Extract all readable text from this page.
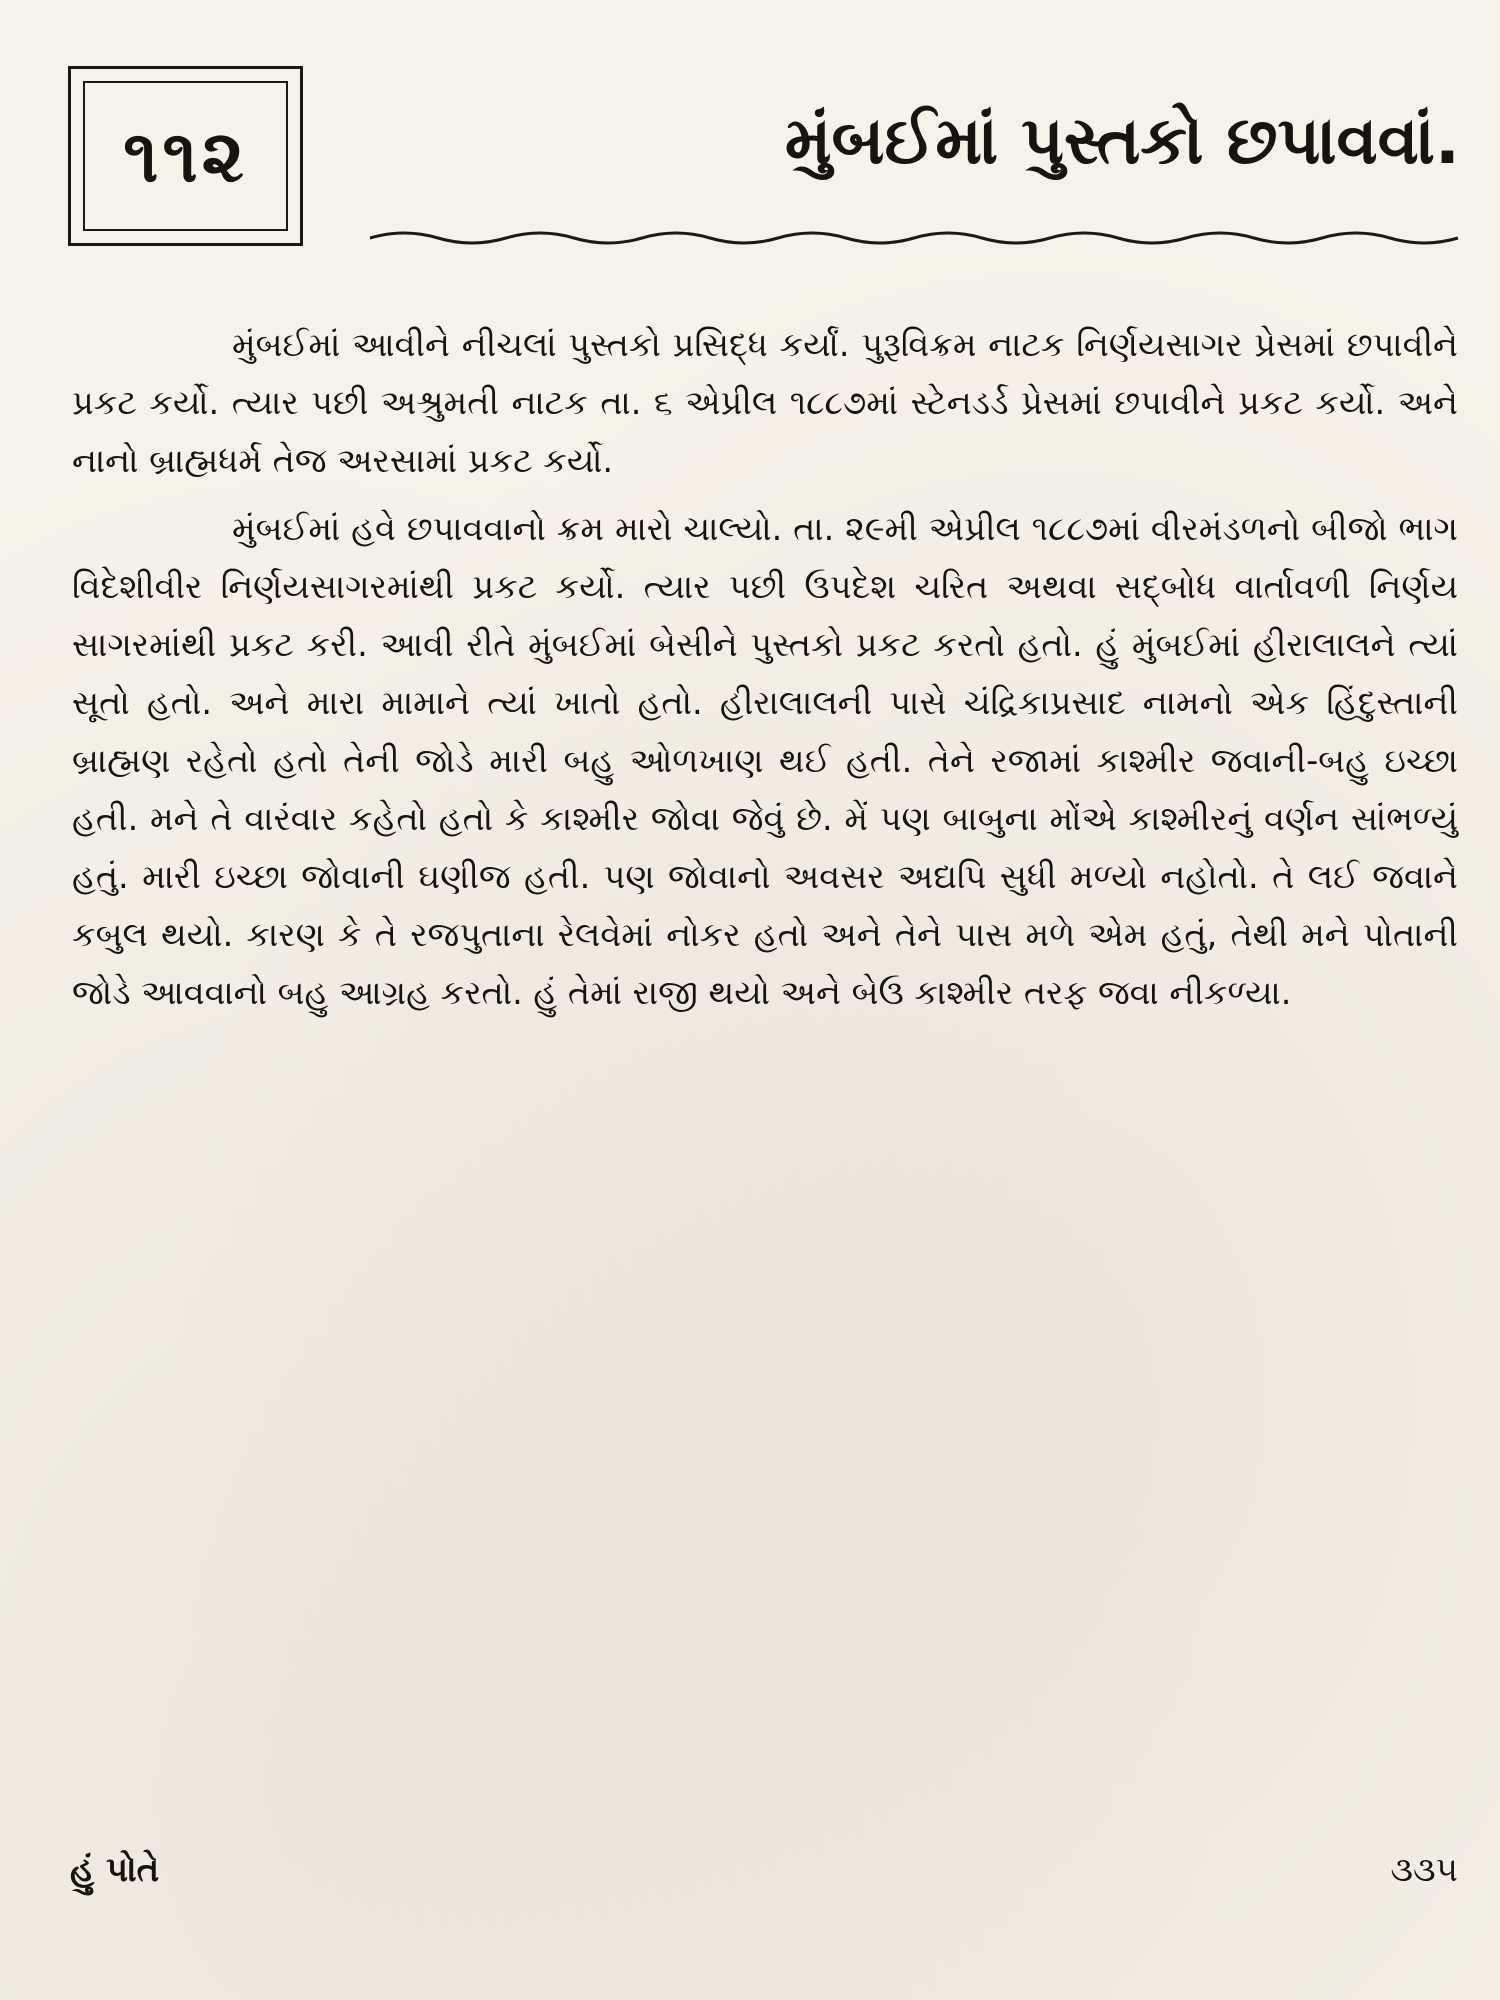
૧૧૨	મુંબઈમાં પુસ્તકો છપાવવાં.

મુંબઈમાં આવીને નીચલાં પુસ્તકો પ્રસિદ્ધ કર્યાં. પુરૂવિક્રમ નાટક નિર્ણયસાગર પ્રેસમાં છપાવીને પ્રકટ કર્યો. ત્યાર પછી અશ્રુમતી નાટક તા. ૬ એપ્રીલ ૧૮૮૭માં સ્ટેનડર્ડ પ્રેસમાં છપાવીને પ્રકટ કર્યો. અને નાનો બ્રાહ્મધર્મ તેજ અરસામાં પ્રકટ કર્યો.

મુંબઈમાં હવે છપાવવાનો ક્રમ મારો ચાલ્યો. તા. ૨૯મી એપ્રીલ ૧૮૮૭માં વીરમંડળનો બીજો ભાગ વિદેશીવીર નિર્ણયસાગરમાંથી પ્રકટ કર્યો. ત્યાર પછી ઉપદેશ ચરિત અથવા સદ્બોધ વાર્તાવળી નિર્ણય સાગરમાંથી પ્રકટ કરી. આવી રીતે મુંબઈમાં બેસીને પુસ્તકો પ્રકટ કરતો હતો. હું મુંબઈમાં હીરાલાલને ત્યાં સૂતો હતો. અને મારા મામાને ત્યાં ખાતો હતો. હીરાલાલની પાસે ચંદ્રિકાપ્રસાદ નામનો એક હિંદુસ્તાની બ્રાહ્મણ રહેતો હતો તેની જોડે મારી બહુ ઓળખાણ થઈ હતી. તેને રજામાં કાશ્મીર જવાની-બહુ ઇચ્છા હતી. મને તે વારંવાર કહેતો હતો કે કાશ્મીર જોવા જેવું છે. મેં પણ બાબુના મોંએ કાશ્મીરનું વર્ણન સાંભળ્યું હતું. મારી ઇચ્છા જોવાની ઘણીજ હતી. પણ જોવાનો અવસર અદ્યપિ સુધી મળ્યો નહોતો. તે લઈ જવાને કબુલ થયો. કારણ કે તે રજપુતાના રેલવેમાં નોકર હતો અને તેને પાસ મળે એમ હતું, તેથી મને પોતાની જોડે આવવાનો બહુ આગ્રહ કરતો. હું તેમાં રાજી થયો અને બેઉ કાશ્મીર તરફ જવા નીકળ્યા.

હું પોતે	૩૩૫
